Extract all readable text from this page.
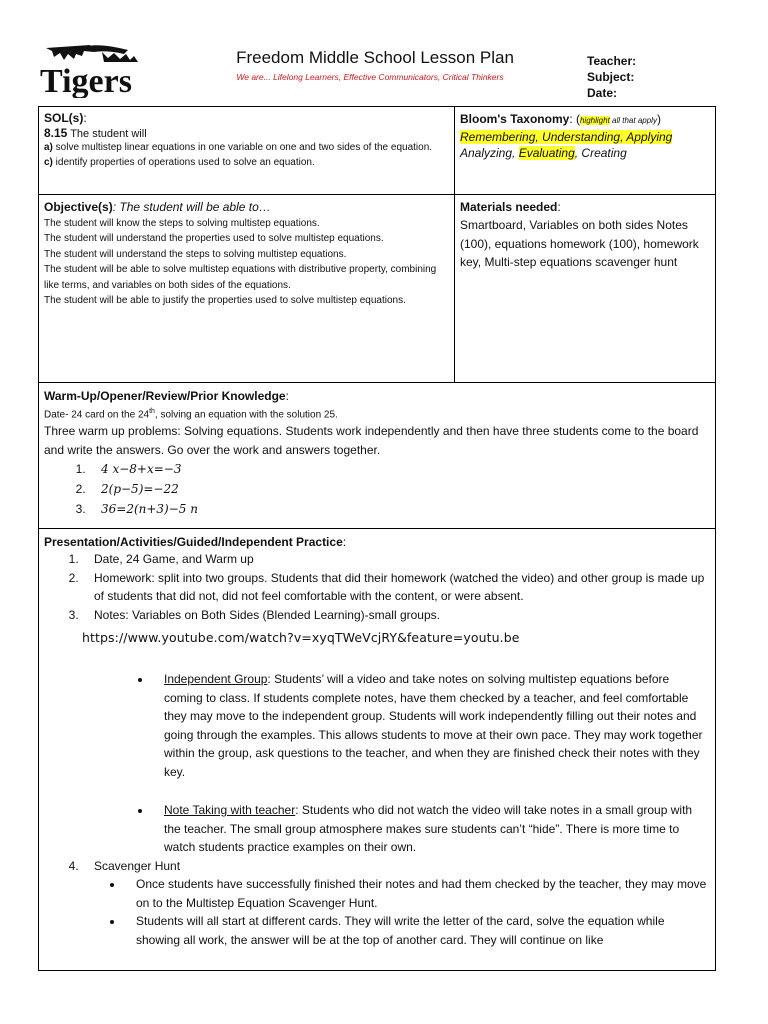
Tigers
Freedom Middle School Lesson Plan
We are... Lifelong Learners, Effective Communicators, Critical Thinkers
Teacher:
Subject:
Date:
SOL(s):
8.15 The student will
a) solve multistep linear equations in one variable on one and two sides of the equation.
c) identify properties of operations used to solve an equation.
Bloom's Taxonomy: (highlight all that apply)
Remembering, Understanding, Applying
Analyzing, Evaluating, Creating
Objective(s): The student will be able to…
The student will know the steps to solving multistep equations.
The student will understand the properties used to solve multistep equations.
The student will understand the steps to solving multistep equations.
The student will be able to solve multistep equations with distributive property, combining like terms, and variables on both sides of the equations.
The student will be able to justify the properties used to solve multistep equations.
Materials needed:
Smartboard, Variables on both sides Notes (100), equations homework (100), homework key, Multi-step equations scavenger hunt
Warm-Up/Opener/Review/Prior Knowledge:
Date- 24 card on the 24th, solving an equation with the solution 25.
Three warm up problems: Solving equations. Students work independently and then have three students come to the board and write the answers. Go over the work and answers together.
1. 4 x−8+x=−3
2. 2(p−5)=−22
3. 36=2(n+3)−5 n
Presentation/Activities/Guided/Independent Practice:
1. Date, 24 Game, and Warm up
2. Homework: split into two groups. Students that did their homework (watched the video) and other group is made up of students that did not, did not feel comfortable with the content, or were absent.
3. Notes: Variables on Both Sides (Blended Learning)-small groups.
https://www.youtube.com/watch?v=xyqTWeVcjRY&feature=youtu.be
• Independent Group: Students’ will a video and take notes on solving multistep equations before coming to class. If students complete notes, have them checked by a teacher, and feel comfortable they may move to the independent group. Students will work independently filling out their notes and going through the examples. This allows students to move at their own pace. They may work together within the group, ask questions to the teacher, and when they are finished check their notes with they key.
• Note Taking with teacher: Students who did not watch the video will take notes in a small group with the teacher. The small group atmosphere makes sure students can’t “hide”. There is more time to watch students practice examples on their own.
4. Scavenger Hunt
• Once students have successfully finished their notes and had them checked by the teacher, they may move on to the Multistep Equation Scavenger Hunt.
• Students will all start at different cards. They will write the letter of the card, solve the equation while showing all work, the answer will be at the top of another card. They will continue on like
